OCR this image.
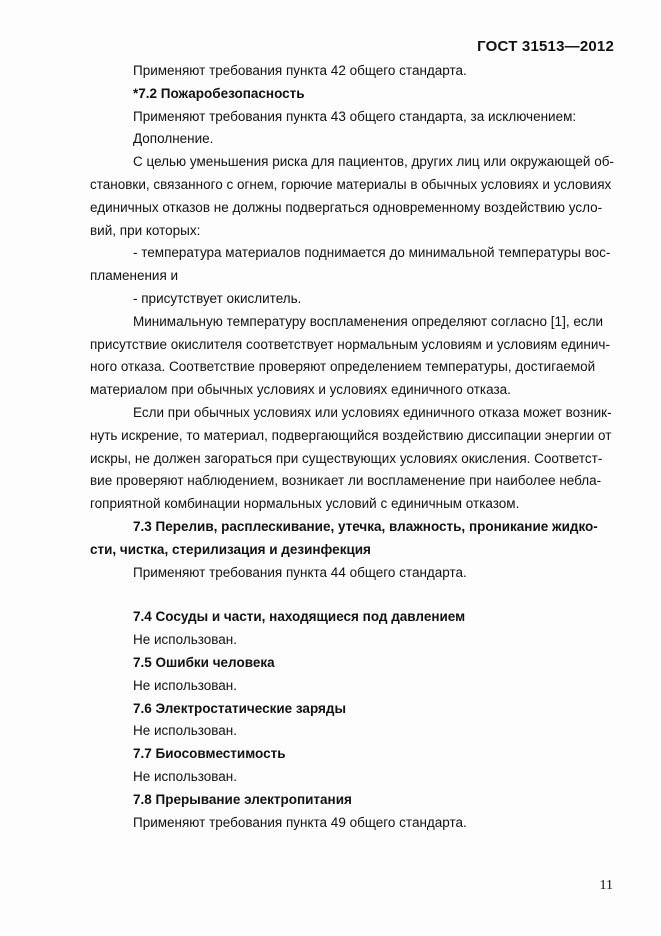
ГОСТ 31513—2012

Применяют требования пункта 42 общего стандарта.

*7.2 Пожаробезопасность

Применяют требования пункта 43 общего стандарта, за исключением:

Дополнение.

С целью уменьшения риска для пациентов, других лиц или окружающей об-

становки, связанного с огнем, горючие материалы в обычных условиях и условиях

единичных отказов не должны подвергаться одновременному воздействию усло-

вий, при которых:

- температура материалов поднимается до минимальной температуры вос-

пламенения и

- присутствует окислитель.

Минимальную температуру воспламенения определяют согласно [1], если

присутствие окислителя соответствует нормальным условиям и условиям единич-

ного отказа. Соответствие проверяют определением температуры, достигаемой

материалом при обычных условиях и условиях единичного отказа.

Если при обычных условиях или условиях единичного отказа может возник-

нуть искрение, то материал, подвергающийся воздействию диссипации энергии от

искры, не должен загораться при существующих условиях окисления. Соответст-

вие проверяют наблюдением, возникает ли воспламенение при наиболее небла-

гоприятной комбинации нормальных условий с единичным отказом.

7.3 Перелив, расплескивание, утечка, влажность, проникание жидко-

сти, чистка, стерилизация и дезинфекция

Применяют требования пункта 44 общего стандарта.

7.4 Сосуды и части, находящиеся под давлением

Не использован.

7.5 Ошибки человека

Не использован.

7.6 Электростатические заряды

Не использован.

7.7 Биосовместимость

Не использован.

7.8 Прерывание электропитания

Применяют требования пункта 49 общего стандарта.

11
